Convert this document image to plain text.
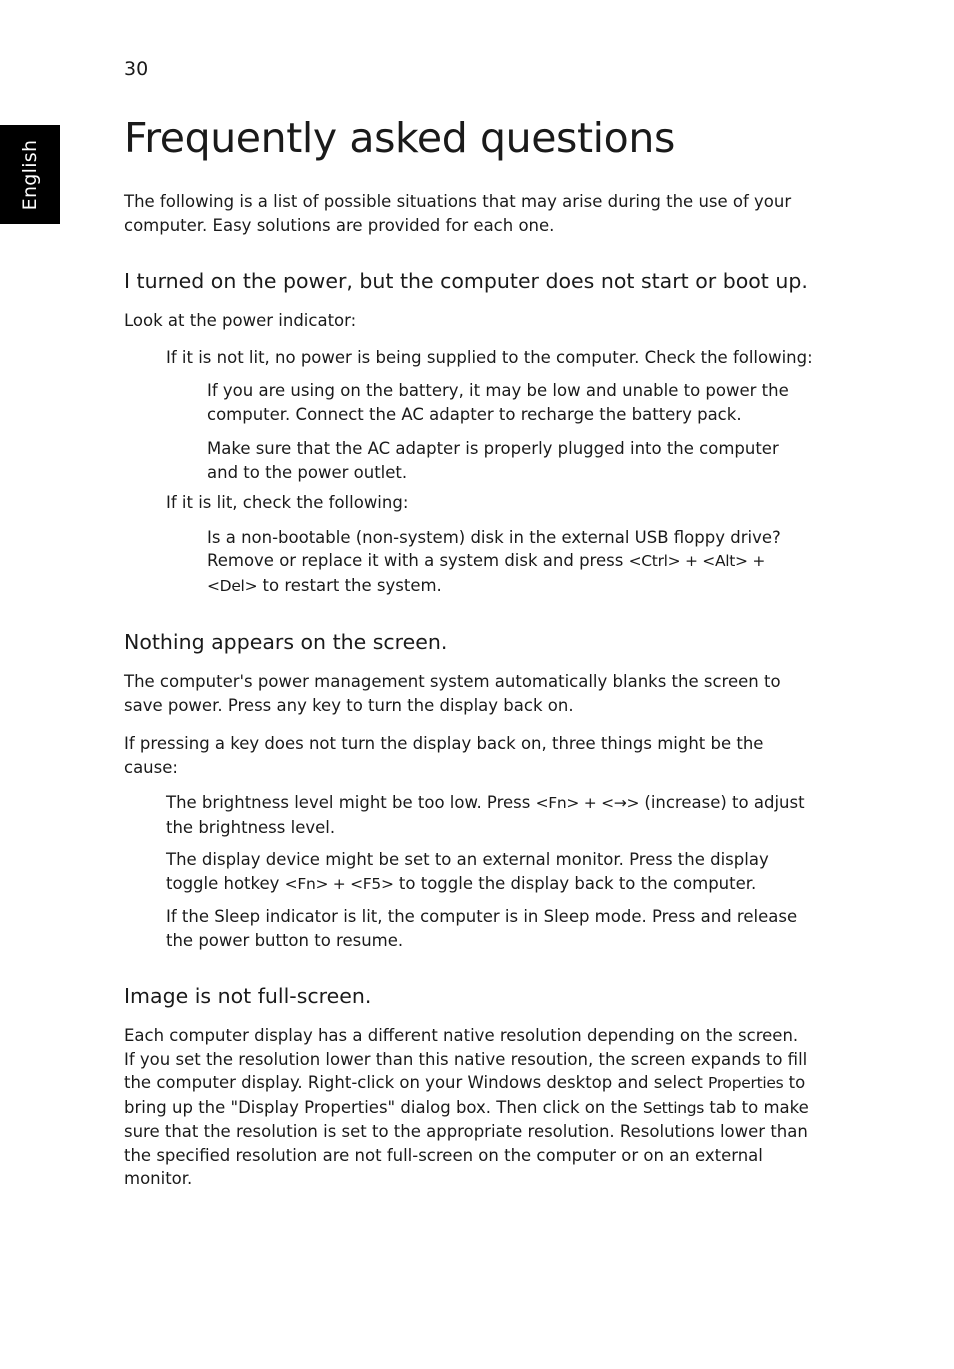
30
English
Frequently asked questions

The following is a list of possible situations that may arise during the use of your computer. Easy solutions are provided for each one.

I turned on the power, but the computer does not start or boot up.

Look at the power indicator:

If it is not lit, no power is being supplied to the computer. Check the following:

If you are using on the battery, it may be low and unable to power the computer. Connect the AC adapter to recharge the battery pack.

Make sure that the AC adapter is properly plugged into the computer and to the power outlet.

If it is lit, check the following:

Is a non-bootable (non-system) disk in the external USB floppy drive? Remove or replace it with a system disk and press <Ctrl> + <Alt> + <Del> to restart the system.

Nothing appears on the screen.

The computer's power management system automatically blanks the screen to save power. Press any key to turn the display back on.

If pressing a key does not turn the display back on, three things might be the cause:

The brightness level might be too low. Press <Fn> + <→> (increase) to adjust the brightness level.

The display device might be set to an external monitor. Press the display toggle hotkey <Fn> + <F5> to toggle the display back to the computer.

If the Sleep indicator is lit, the computer is in Sleep mode. Press and release the power button to resume.

Image is not full-screen.

Each computer display has a different native resolution depending on the screen. If you set the resolution lower than this native resoution, the screen expands to fill the computer display. Right-click on your Windows desktop and select Properties to bring up the "Display Properties" dialog box. Then click on the Settings tab to make sure that the resolution is set to the appropriate resolution. Resolutions lower than the specified resolution are not full-screen on the computer or on an external monitor.
